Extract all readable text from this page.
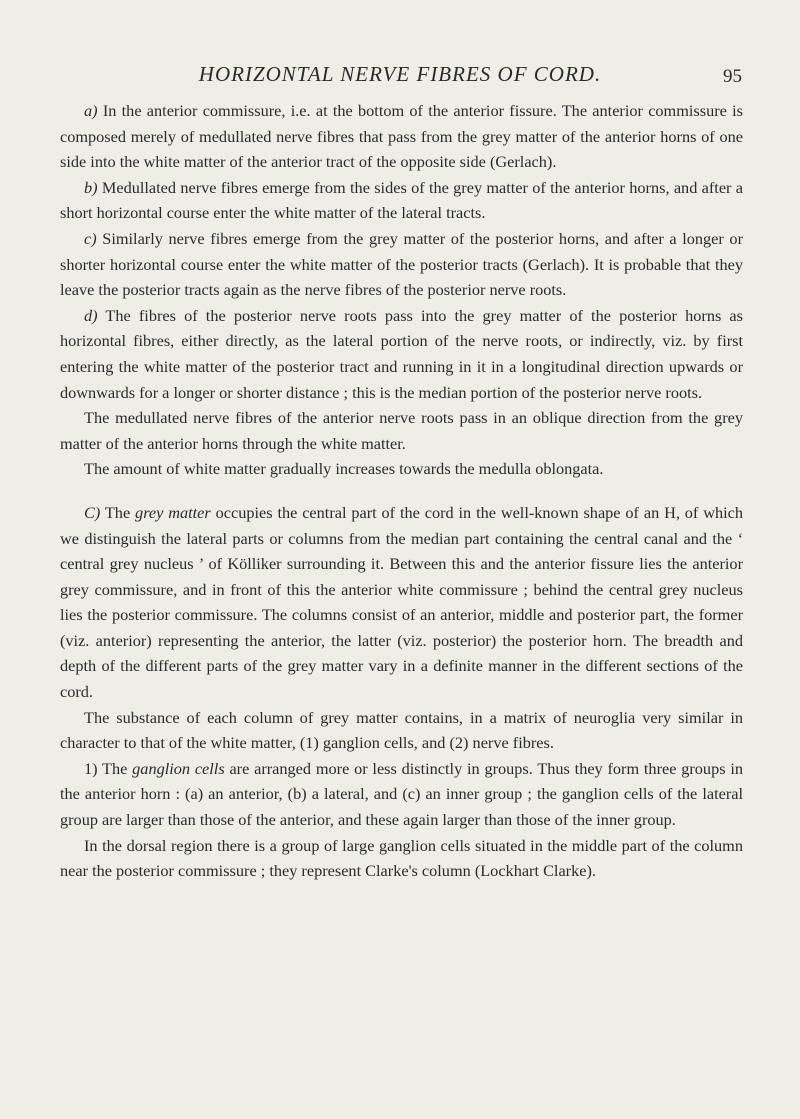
HORIZONTAL NERVE FIBRES OF CORD.	95

a) In the anterior commissure, i.e. at the bottom of the anterior fissure. The anterior commissure is composed merely of medullated nerve fibres that pass from the grey matter of the anterior horns of one side into the white matter of the anterior tract of the opposite side (Gerlach).

b) Medullated nerve fibres emerge from the sides of the grey matter of the anterior horns, and after a short horizontal course enter the white matter of the lateral tracts.

c) Similarly nerve fibres emerge from the grey matter of the posterior horns, and after a longer or shorter horizontal course enter the white matter of the posterior tracts (Gerlach). It is probable that they leave the posterior tracts again as the nerve fibres of the posterior nerve roots.

d) The fibres of the posterior nerve roots pass into the grey matter of the posterior horns as horizontal fibres, either directly, as the lateral portion of the nerve roots, or indirectly, viz. by first entering the white matter of the posterior tract and running in it in a longitudinal direction upwards or downwards for a longer or shorter distance ; this is the median portion of the posterior nerve roots.

The medullated nerve fibres of the anterior nerve roots pass in an oblique direction from the grey matter of the anterior horns through the white matter.

The amount of white matter gradually increases towards the medulla oblongata.

C) The grey matter occupies the central part of the cord in the well-known shape of an H, of which we distinguish the lateral parts or columns from the median part containing the central canal and the ‘ central grey nucleus ’ of Kölliker surrounding it. Between this and the anterior fissure lies the anterior grey commissure, and in front of this the anterior white commissure ; behind the central grey nucleus lies the posterior commissure. The columns consist of an anterior, middle and posterior part, the former (viz. anterior) representing the anterior, the latter (viz. posterior) the posterior horn. The breadth and depth of the different parts of the grey matter vary in a definite manner in the different sections of the cord.

The substance of each column of grey matter contains, in a matrix of neuroglia very similar in character to that of the white matter, (1) ganglion cells, and (2) nerve fibres.

1) The ganglion cells are arranged more or less distinctly in groups. Thus they form three groups in the anterior horn : (a) an anterior, (b) a lateral, and (c) an inner group ; the ganglion cells of the lateral group are larger than those of the anterior, and these again larger than those of the inner group.

In the dorsal region there is a group of large ganglion cells situated in the middle part of the column near the posterior commissure ; they represent Clarke's column (Lockhart Clarke).
